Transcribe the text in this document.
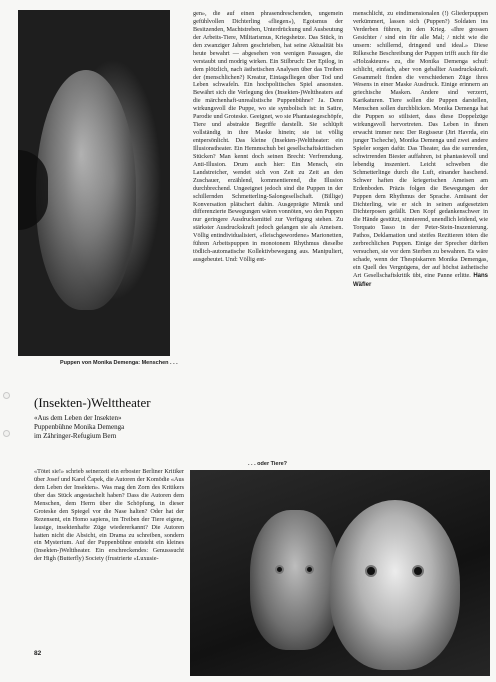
Puppen von Monika Demenga: Menschen . . .
(Insekten-)Welttheater
«Aus dem Leben der Insekten»
Puppenbühne Monika Demenga
im Zähringer-Refugium Bern

gen», die auf einen phrasendreschenden, ungemein gefühlvollen Dichterling «fliegen»), Egoismus der Besitzenden, Machtstreben, Unterdrückung und Ausbeutung der Arbeits-Tiere, Militarismus, Kriegshetze. Das Stück, in den zwanziger Jahren geschrieben, hat seine Aktualität bis heute bewahrt — abgesehen von wenigen Passagen, die verstaubt und modrig wirken. Ein Stilbruch: Der Epilog, in dem plötzlich, nach ästhetischen Analysen über das Treiben der (menschlichen?) Kreatur, Eintagsfliegen über Tod und Leben schwafeln. Ein hochpolitisches Spiel ansonsten. Bewährt sich die Verlegung des (Insekten-)Welttheaters auf die märchenhaft-unrealistische Puppenbühne? Ja. Denn wirkungsvoll die Puppe, wo sie symbolisch ist: in Satire, Parodie und Groteske. Geeignet, wo sie Phantasiegeschöpfe, Tiere und abstrakte Begriffe darstellt. Sie schlüpft vollständig in ihre Maske hinein; sie ist völlig entpersönlicht. Das kleine (Insekten-)Welttheater: ein Illusionstheater. Ein Hemmschuh bei gesellschaftskritischen Stücken? Man kennt doch seinen Brecht: Verfremdung. Anti-Illusion. Drum auch hier: Ein Mensch, ein Landstreicher, wendet sich von Zeit zu Zeit an den Zuschauer, erzählend, kommentierend, die Illusion durchbrechend. Ungeeignet jedoch sind die Puppen in der schillernden Schmetterling-Salongesellschaft. (Billige) Konversation plätschert dahin. Ausgeprägte Mimik und differenzierte Bewegungen wären vonnöten, wo den Puppen nur geringere Ausdrucksmittel zur Verfügung stehen. Zu stärkster Ausdruckskraft jedoch gelangen sie als Ameisen. Völlig entindividualisiert, «fleischgewordene» Marionetten, führen Arbeitspuppen in monotonem Rhythmus dieselbe tödlich-automatische Kollektivbewegung aus. Manipuliert, ausgebeutet. Und: Völlig ent-

menschlicht, zu eindimensionalen (!) Gliederpuppen verkümmert, lassen sich (Puppen?) Soldaten ins Verderben führen, in den Krieg. «Ihre grossen Gesichter / sind ein für alle Mal; / nicht wie die unsern: schillernd, dringend und ideal.» Diese Rilkesche Beschreibung der Puppen trifft auch für die «Holzakteure» zu, die Monika Demenga schuf: schlicht, einfach, aber von geballter Ausdruckskraft. Gesammelt finden die verschiedenen Züge ihres Wesens in einer Maske Ausdruck. Einige erinnern an griechische Masken. Andere sind verzerrt, Karikaturen. Tiere sollen die Puppen darstellen, Menschen sollen durchblicken. Monika Demenga hat die Puppen so stilisiert, dass diese Doppelzüge wirkungsvoll hervortreten. Das Leben in ihnen erwacht immer neu: Der Regisseur (Jiri Havrda, ein junger Tscheche), Monika Demenga und zwei andere Spieler sorgen dafür. Das Theater, das die surrenden, schwirrenden Biester auffahren, ist phantasievoll und lebendig inszeniert. Leicht schweben die Schmetterlinge durch die Luft, einander haschend. Schwer haften die kriegerischen Ameisen am Erdenboden. Präzis folgen die Bewegungen der Puppen dem Rhythmus der Sprache. Amüsant der Dichterling, wie er sich in seinen aufgesetzten Dichterposen gefällt. Den Kopf gedankenschwer in die Hände gestützt, sinnierend, unendlich leidend, wie Torquato Tasso in der Peter-Stein-Inszenierung. Pathos, Deklamation und steifes Rezitieren töten die zerbrechlichen Puppen. Einige der Sprecher dürften versuchen, sie vor dem Sterben zu bewahren. Es wäre schade, wenn der Thespiskarren Monika Demengas, ein Quell des Vergnügens, der auf höchst ästhetische Art Gesellschaftskritik übt, eine Panne erlitte. Hans Wäfler

. . . oder Tiere?

«Tötet sie!» schrieb seinerzeit ein erboster Berliner Kritiker über Josef und Karel Čapek, die Autoren der Komödie «Aus dem Leben der Insekten». Was mag den Zorn des Kritikers über das Stück angestachelt haben? Dass die Autoren dem Menschen, dem Herrn über die Schöpfung, in dieser Groteske den Spiegel vor die Nase halten? Oder hat der Rezensent, ein Homo sapiens, im Treiben der Tiere eigene, lausige, insektenhafte Züge wiedererkannt? Die Autoren hatten nicht die Absicht, ein Drama zu schreiben, sondern ein Mysterium. Auf der Puppenbühne entsteht ein kleines (Insekten-)Welttheater. Ein erschreckendes: Genusssucht der High (Butterfly) Society (frustrierte «Luxusie-

82
